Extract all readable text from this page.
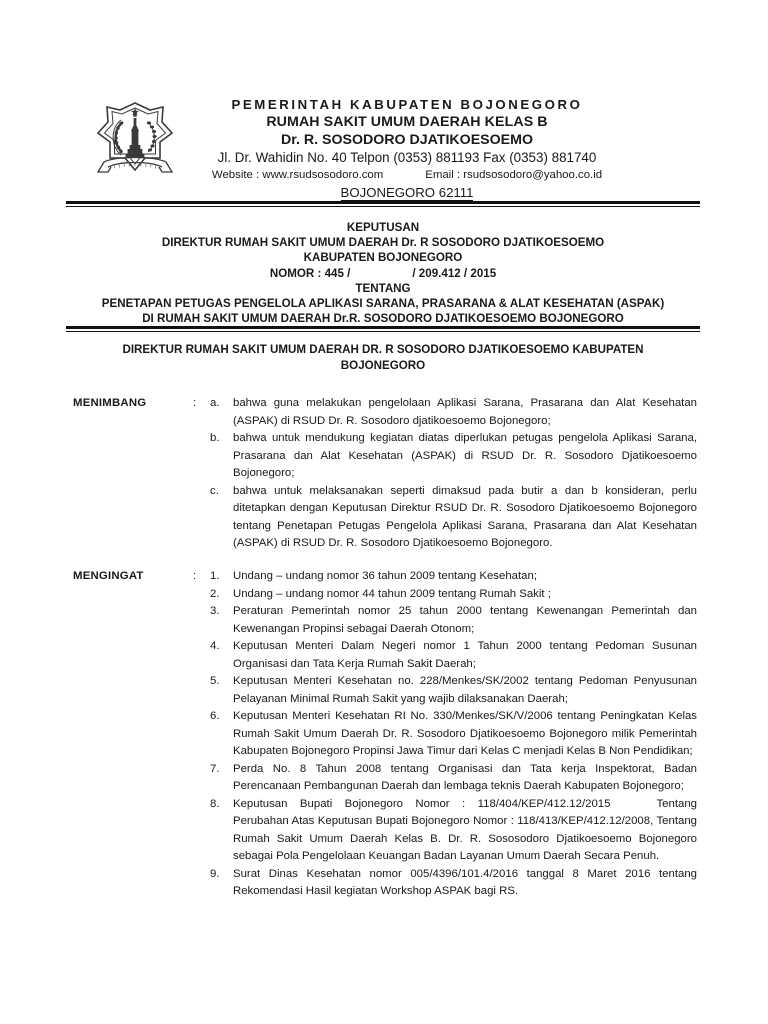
PEMERINTAH KABUPATEN BOJONEGORO
RUMAH SAKIT UMUM DAERAH KELAS B
Dr. R. SOSODORO DJATIKOESOEMO
Jl. Dr. Wahidin No. 40 Telpon (0353) 881193 Fax (0353) 881740
Website : www.rsudsosodoro.com	Email : rsudsosodoro@yahoo.co.id
BOJONEGORO 62111
KEPUTUSAN
DIREKTUR RUMAH SAKIT UMUM DAERAH Dr. R SOSODORO DJATIKOESOEMO
KABUPATEN BOJONEGORO
NOMOR : 445 /	/ 209.412 / 2015
TENTANG
PENETAPAN PETUGAS PENGELOLA APLIKASI SARANA, PRASARANA & ALAT KESEHATAN (ASPAK)
DI RUMAH SAKIT UMUM DAERAH Dr.R. SOSODORO DJATIKOESOEMO BOJONEGORO
DIREKTUR RUMAH SAKIT UMUM DAERAH DR. R SOSODORO DJATIKOESOEMO KABUPATEN
BOJONEGORO
MENIMBANG	:	a.	bahwa guna melakukan pengelolaan Aplikasi Sarana, Prasarana dan Alat Kesehatan (ASPAK) di RSUD Dr. R. Sosodoro djatikoesoemo Bojonegoro;
b.	bahwa untuk mendukung kegiatan diatas diperlukan petugas pengelola Aplikasi Sarana, Prasarana dan Alat Kesehatan (ASPAK) di RSUD Dr. R. Sosodoro Djatikoesoemo Bojonegoro;
c.	bahwa untuk melaksanakan seperti dimaksud pada butir a dan b konsideran, perlu ditetapkan dengan Keputusan Direktur RSUD Dr. R. Sosodoro Djatikoesoemo Bojonegoro tentang Penetapan Petugas Pengelola Aplikasi Sarana, Prasarana dan Alat Kesehatan (ASPAK) di RSUD Dr. R. Sosodoro Djatikoesoemo Bojonegoro.
MENGINGAT	:	1.	Undang – undang nomor 36 tahun 2009 tentang Kesehatan;
2.	Undang – undang nomor 44 tahun 2009 tentang Rumah Sakit ;
3.	Peraturan Pemerintah nomor 25 tahun 2000 tentang Kewenangan Pemerintah dan Kewenangan Propinsi sebagai Daerah Otonom;
4.	Keputusan Menteri Dalam Negeri nomor 1 Tahun 2000 tentang Pedoman Susunan Organisasi dan Tata Kerja Rumah Sakit Daerah;
5.	Keputusan Menteri Kesehatan no. 228/Menkes/SK/2002 tentang Pedoman Penyusunan Pelayanan Minimal Rumah Sakit yang wajib dilaksanakan Daerah;
6.	Keputusan Menteri Kesehatan RI No. 330/Menkes/SK/V/2006 tentang Peningkatan Kelas Rumah Sakit Umum Daerah Dr. R. Sosodoro Djatikoesoemo Bojonegoro milik Pemerintah Kabupaten Bojonegoro Propinsi Jawa Timur dari Kelas C menjadi Kelas B Non Pendidikan;
7.	Perda No. 8 Tahun 2008 tentang Organisasi dan Tata kerja Inspektorat, Badan Perencanaan Pembangunan Daerah dan lembaga teknis Daerah Kabupaten Bojonegoro;
8.	Keputusan Bupati Bojonegoro Nomor : 118/404/KEP/412.12/2015	Tentang Perubahan Atas Keputusan Bupati Bojonegoro Nomor : 118/413/KEP/412.12/2008, Tentang Rumah Sakit Umum Daerah Kelas B. Dr. R. Sososodoro Djatikoesoemo Bojonegoro sebagai Pola Pengelolaan Keuangan Badan Layanan Umum Daerah Secara Penuh.
9.	Surat Dinas Kesehatan nomor 005/4396/101.4/2016 tanggal 8 Maret 2016 tentang Rekomendasi Hasil kegiatan Workshop ASPAK bagi RS.
